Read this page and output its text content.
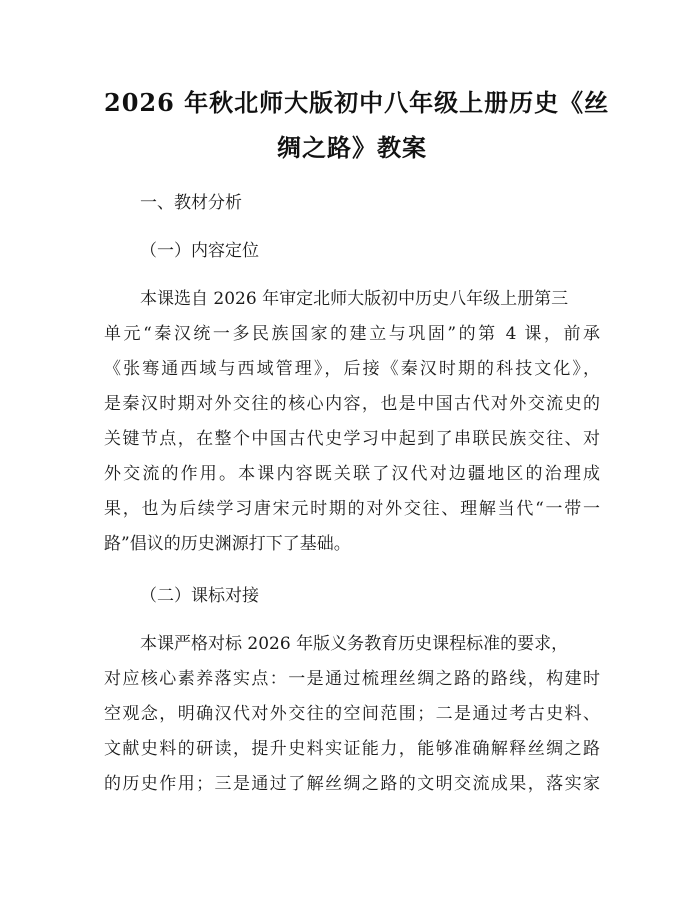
2026 年秋北师大版初中八年级上册历史《丝
绸之路》教案
一、教材分析
（一）内容定位
本课选自 2026 年审定北师大版初中历史八年级上册第三
单元“秦汉统一多民族国家的建立与巩固”的第 4 课，前承
《张骞通西域与西域管理》，后接《秦汉时期的科技文化》，
是秦汉时期对外交往的核心内容，也是中国古代对外交流史的
关键节点，在整个中国古代史学习中起到了串联民族交往、对
外交流的作用。本课内容既关联了汉代对边疆地区的治理成
果，也为后续学习唐宋元时期的对外交往、理解当代“一带一
路”倡议的历史渊源打下了基础。
（二）课标对接
本课严格对标 2026 年版义务教育历史课程标准的要求，
对应核心素养落实点：一是通过梳理丝绸之路的路线，构建时
空观念，明确汉代对外交往的空间范围；二是通过考古史料、
文献史料的研读，提升史料实证能力，能够准确解释丝绸之路
的历史作用；三是通过了解丝绸之路的文明交流成果，落实家
